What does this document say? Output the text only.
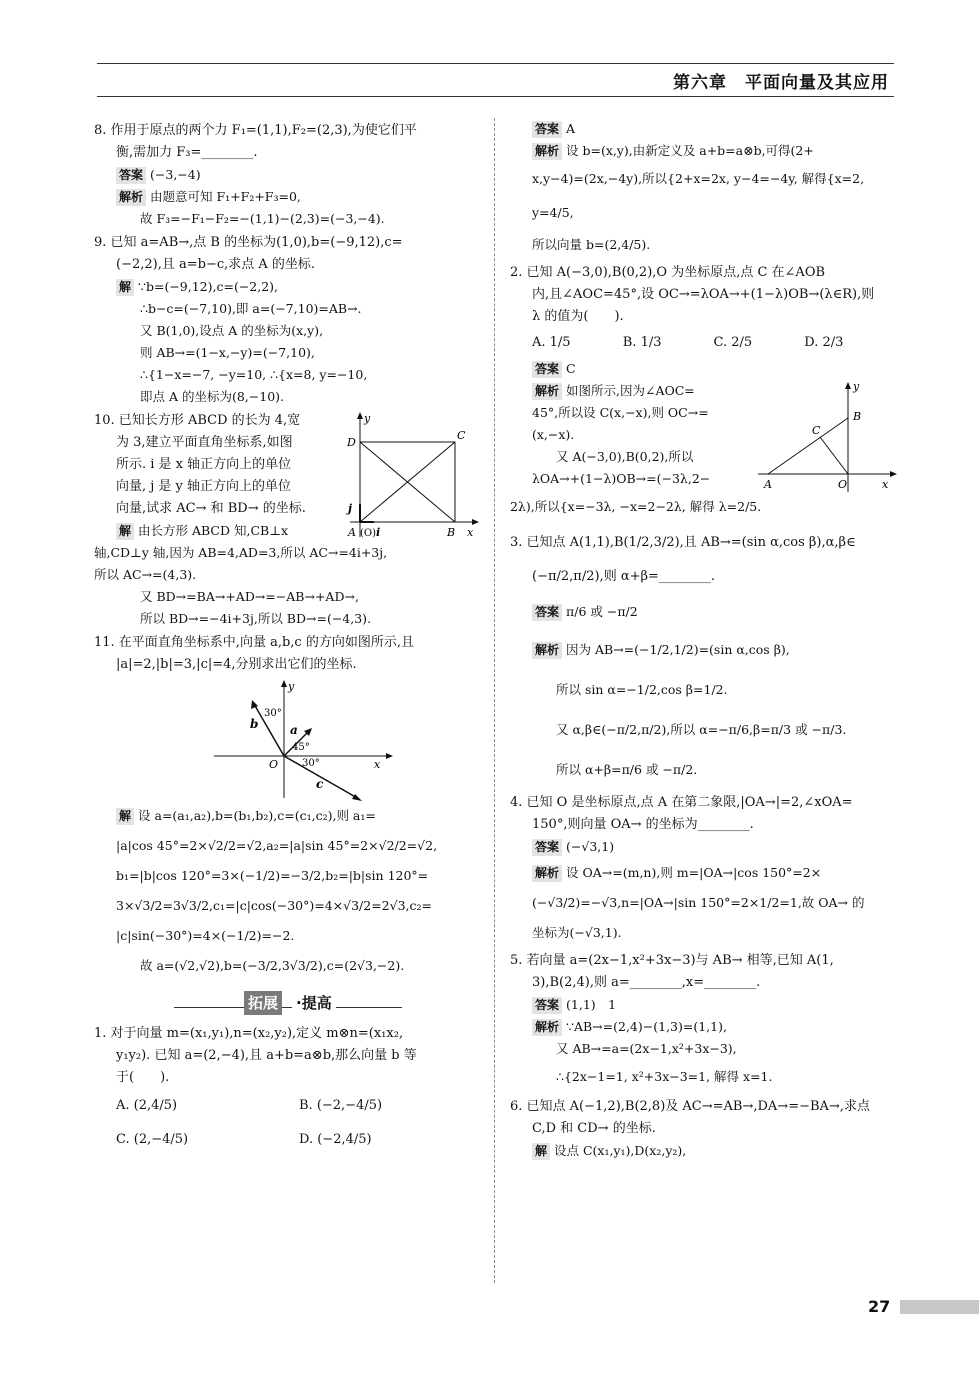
第六章　平面向量及其应用

8. 作用于原点的两个力 F₁=(1,1),F₂=(2,3),为使它们平

衡,需加力 F₃=________.

答案 (−3,−4)

解析 由题意可知 F₁+F₂+F₃=0,

故 F₃=−F₁−F₂=−(1,1)−(2,3)=(−3,−4).

9. 已知 a=AB→,点 B 的坐标为(1,0),b=(−9,12),c=

(−2,2),且 a=b−c,求点 A 的坐标.

解 ∵b=(−9,12),c=(−2,2),

∴b−c=(−7,10),即 a=(−7,10)=AB→.

又 B(1,0),设点 A 的坐标为(x,y),

则 AB→=(1−x,−y)=(−7,10),

∴{1−x=−7, −y=10, ∴{x=8, y=−10,

即点 A 的坐标为(8,−10).

10. 已知长方形 ABCD 的长为 4,宽

为 3,建立平面直角坐标系,如图

所示. i 是 x 轴正方向上的单位

向量, j 是 y 轴正方向上的单位

向量,试求 AC→ 和 BD→ 的坐标.

解 由长方形 ABCD 知,CB⊥x

y
D
C
j
A (O) i	B x

轴,CD⊥y 轴,因为 AB=4,AD=3,所以 AC→=4i+3j,

所以 AC→=(4,3).

又 BD→=BA→+AD→=−AB→+AD→,

所以 BD→=−4i+3j,所以 BD→=(−4,3).

11. 在平面直角坐标系中,向量 a,b,c 的方向如图所示,且

|a|=2,|b|=3,|c|=4,分别求出它们的坐标.

y
30°
b	a
45°
O 30°	x
c

解 设 a=(a₁,a₂),b=(b₁,b₂),c=(c₁,c₂),则 a₁=

|a|cos 45°=2×√2/2=√2,a₂=|a|sin 45°=2×√2/2=√2,

b₁=|b|cos 120°=3×(−1/2)=−3/2,b₂=|b|sin 120°=

3×√3/2=3√3/2,c₁=|c|cos(−30°)=4×√3/2=2√3,c₂=

|c|sin(−30°)=4×(−1/2)=−2.

故 a=(√2,√2),b=(−3/2,3√3/2),c=(2√3,−2).

拓展 ·提高

1. 对于向量 m=(x₁,y₁),n=(x₂,y₂),定义 m⊗n=(x₁x₂,

y₁y₂). 已知 a=(2,−4),且 a+b=a⊗b,那么向量 b 等

于(　　).

A. (2,4/5)	B. (−2,−4/5)
C. (2,−4/5)	D. (−2,4/5)

答案 A

解析 设 b=(x,y),由新定义及 a+b=a⊗b,可得(2+

x,y−4)=(2x,−4y),所以{2+x=2x, y−4=−4y, 解得{x=2, y=4/5,

所以向量 b=(2,4/5).

2. 已知 A(−3,0),B(0,2),O 为坐标原点,点 C 在∠AOB

内,且∠AOC=45°,设 OC→=λOA→+(1−λ)OB→(λ∈R),则

λ 的值为(　　).

A. 1/5	B. 1/3	C. 2/5	D. 2/3

答案 C

解析 如图所示,因为∠AOC=

45°,所以设 C(x,−x),则 OC→=

(x,−x).

又 A(−3,0),B(0,2),所以

λOA→+(1−λ)OB→=(−3λ,2−

y
B
C
A	O	x

2λ),所以{x=−3λ, −x=2−2λ, 解得 λ=2/5.

3. 已知点 A(1,1),B(1/2,3/2),且 AB→=(sin α,cos β),α,β∈

(−π/2,π/2),则 α+β=________.

答案 π/6 或 −π/2

解析 因为 AB→=(−1/2,1/2)=(sin α,cos β),

所以 sin α=−1/2,cos β=1/2.

又 α,β∈(−π/2,π/2),所以 α=−π/6,β=π/3 或 −π/3.

所以 α+β=π/6 或 −π/2.

4. 已知 O 是坐标原点,点 A 在第二象限,|OA→|=2,∠xOA=

150°,则向量 OA→ 的坐标为________.

答案 (−√3,1)

解析 设 OA→=(m,n),则 m=|OA→|cos 150°=2×

(−√3/2)=−√3,n=|OA→|sin 150°=2×1/2=1,故 OA→ 的

坐标为(−√3,1).

5. 若向量 a=(2x−1,x²+3x−3)与 AB→ 相等,已知 A(1,

3),B(2,4),则 a=________,x=________.

答案 (1,1)　1

解析 ∵AB→=(2,4)−(1,3)=(1,1),

又 AB→=a=(2x−1,x²+3x−3),

∴{2x−1=1, x²+3x−3=1, 解得 x=1.

6. 已知点 A(−1,2),B(2,8)及 AC→=AB→,DA→=−BA→,求点

C,D 和 CD→ 的坐标.

解 设点 C(x₁,y₁),D(x₂,y₂),

27
